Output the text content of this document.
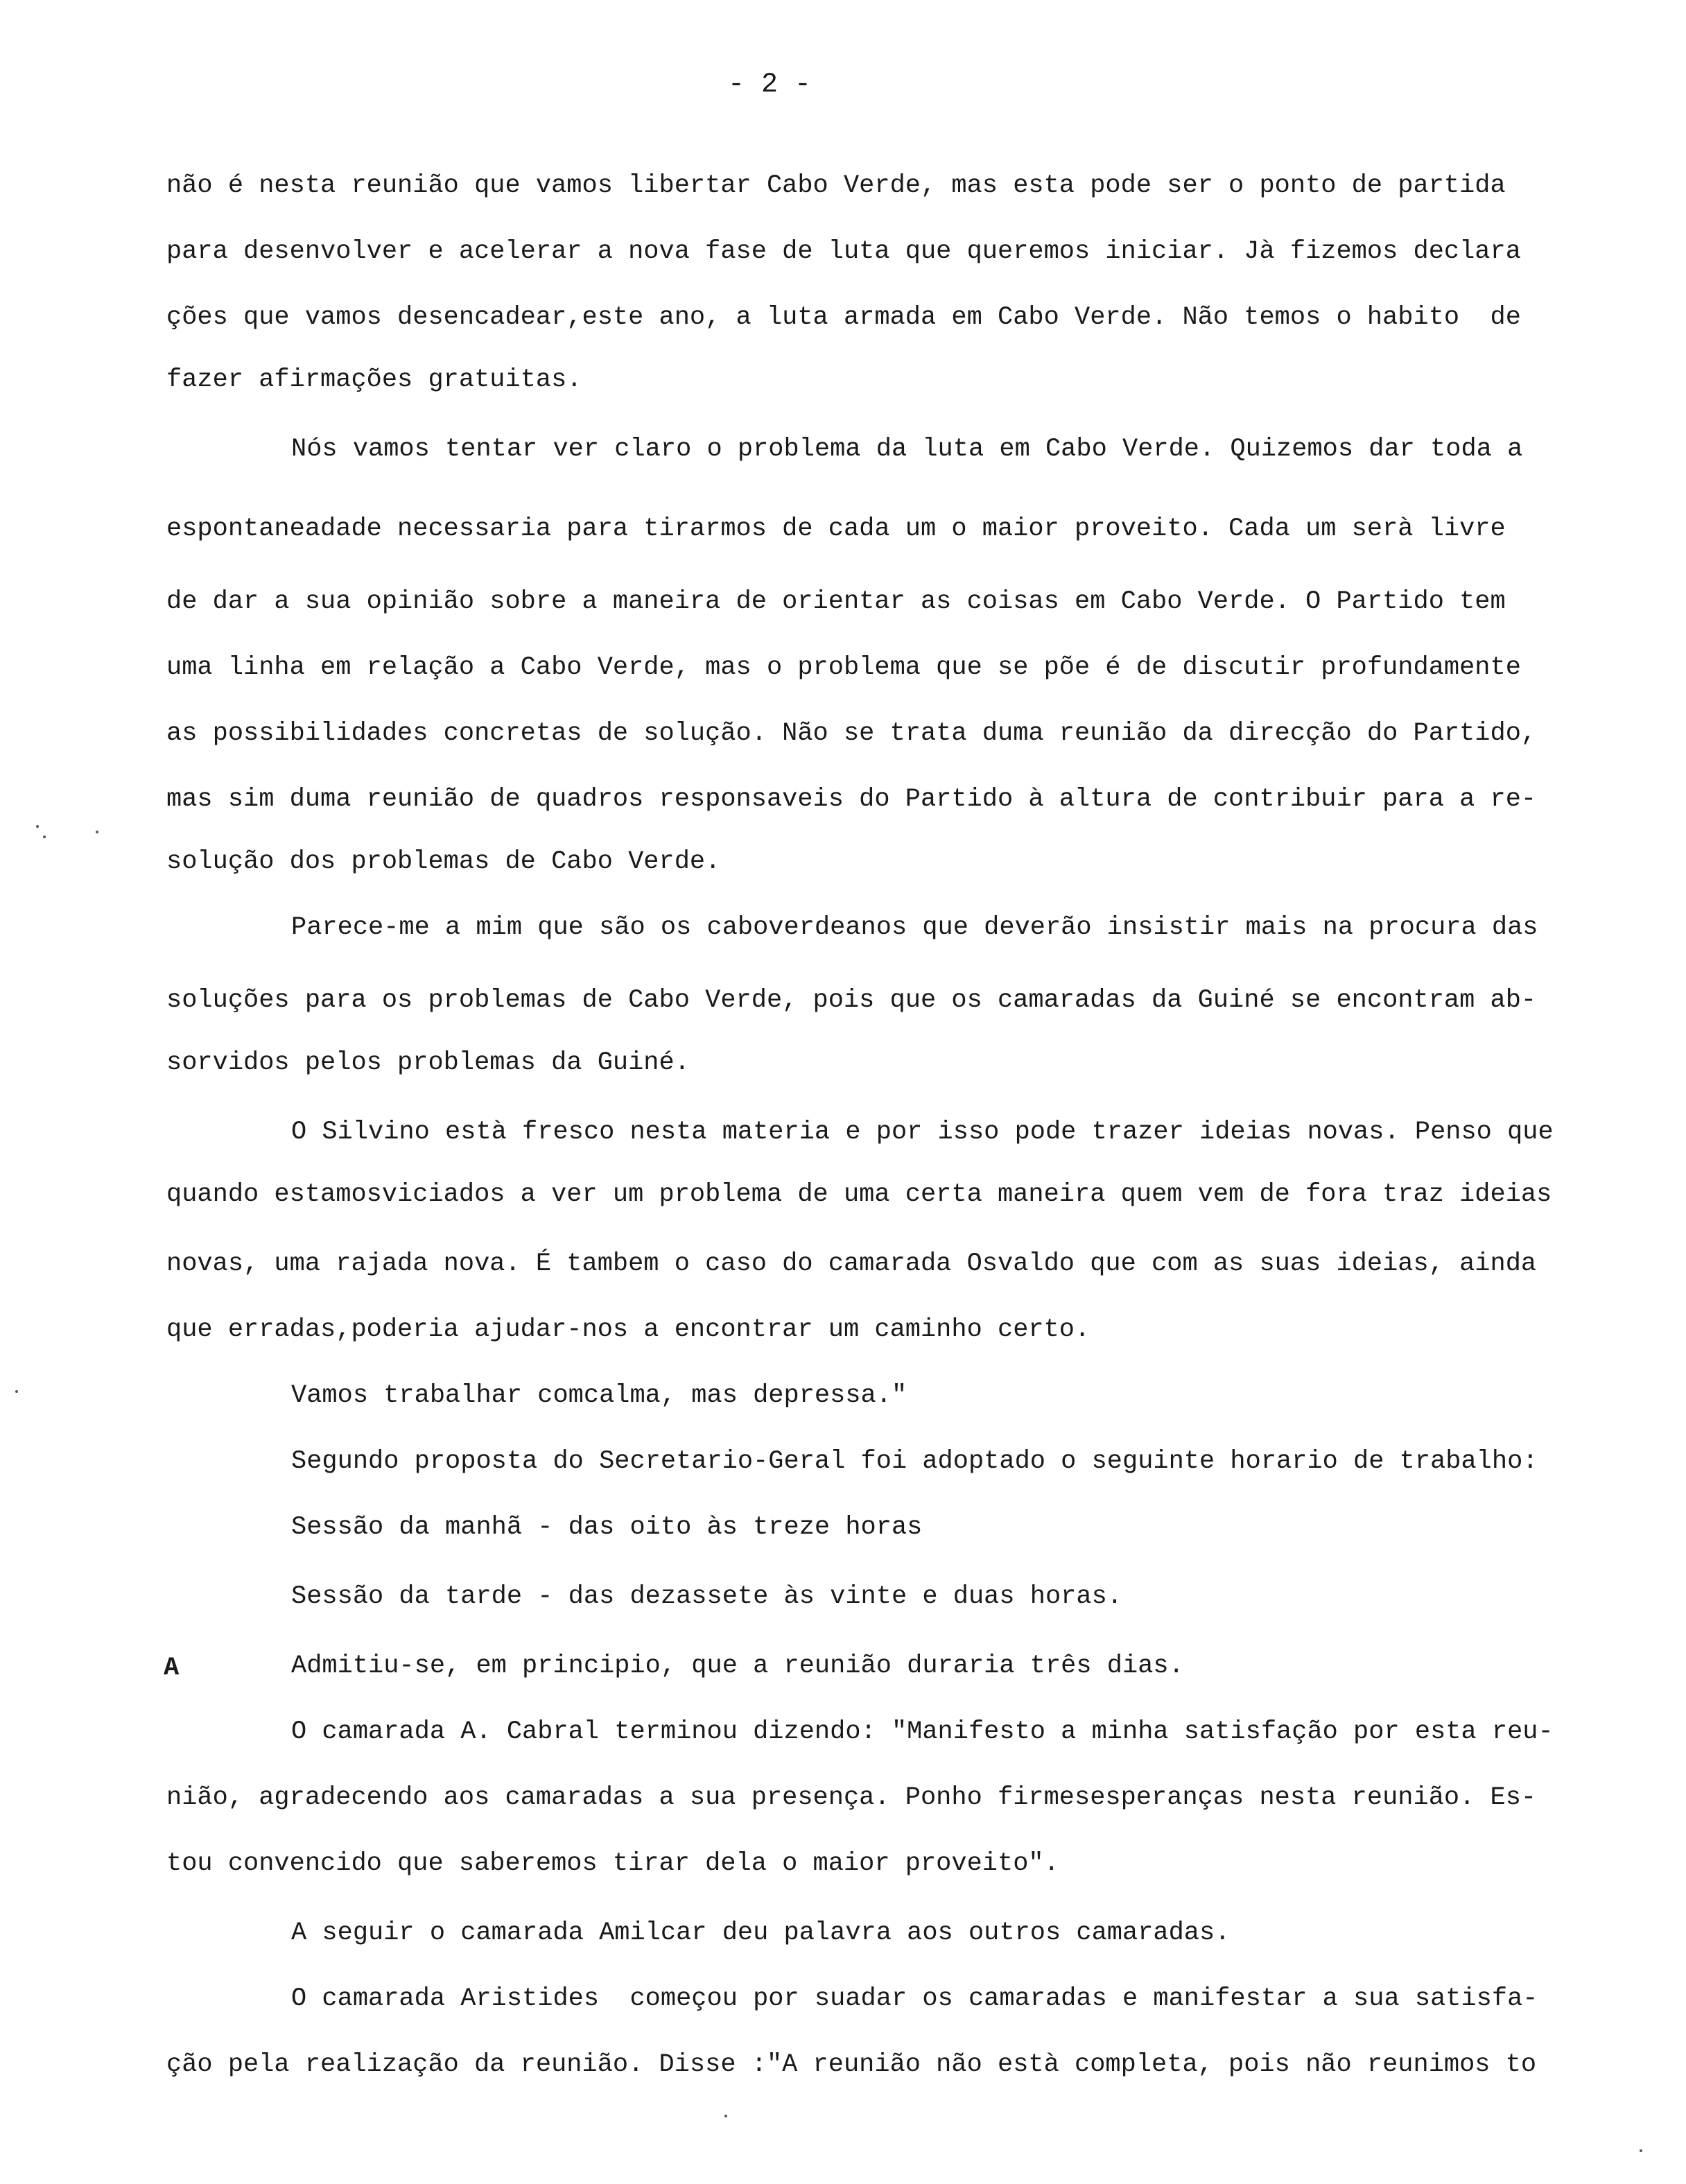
- 2 -
não é nesta reunião que vamos libertar Cabo Verde, mas esta pode ser o ponto de partida
para desenvolver e acelerar a nova fase de luta que queremos iniciar. Jà fizemos declara
ções que vamos desencadear,este ano, a luta armada em Cabo Verde. Não temos o habito  de
fazer afirmações gratuitas.
Nós vamos tentar ver claro o problema da luta em Cabo Verde. Quizemos dar toda a
espontaneadade necessaria para tirarmos de cada um o maior proveito. Cada um serà livre
de dar a sua opinião sobre a maneira de orientar as coisas em Cabo Verde. O Partido tem
uma linha em relação a Cabo Verde, mas o problema que se põe é de discutir profundamente
as possibilidades concretas de solução. Não se trata duma reunião da direcção do Partido,
mas sim duma reunião de quadros responsaveis do Partido à altura de contribuir para a re-
solução dos problemas de Cabo Verde.
Parece-me a mim que são os caboverdeanos que deverão insistir mais na procura das
soluções para os problemas de Cabo Verde, pois que os camaradas da Guiné se encontram ab-
sorvidos pelos problemas da Guiné.
O Silvino està fresco nesta materia e por isso pode trazer ideias novas. Penso que
quando estamosviciados a ver um problema de uma certa maneira quem vem de fora traz ideias
novas, uma rajada nova. É tambem o caso do camarada Osvaldo que com as suas ideias, ainda
que erradas,poderia ajudar-nos a encontrar um caminho certo.
Vamos trabalhar comcalma, mas depressa."
Segundo proposta do Secretario-Geral foi adoptado o seguinte horario de trabalho:
Sessão da manhã - das oito às treze horas
Sessão da tarde - das dezassete às vinte e duas horas.
A	Admitiu-se, em principio, que a reunião duraria três dias.
O camarada A. Cabral terminou dizendo: "Manifesto a minha satisfação por esta reu-
nião, agradecendo aos camaradas a sua presença. Ponho firmesesperanças nesta reunião. Es-
tou convencido que saberemos tirar dela o maior proveito".
A seguir o camarada Amilcar deu palavra aos outros camaradas.
O camarada Aristides  começou por suadar os camaradas e manifestar a sua satisfa-
ção pela realização da reunião. Disse :"A reunião não està completa, pois não reunimos to
